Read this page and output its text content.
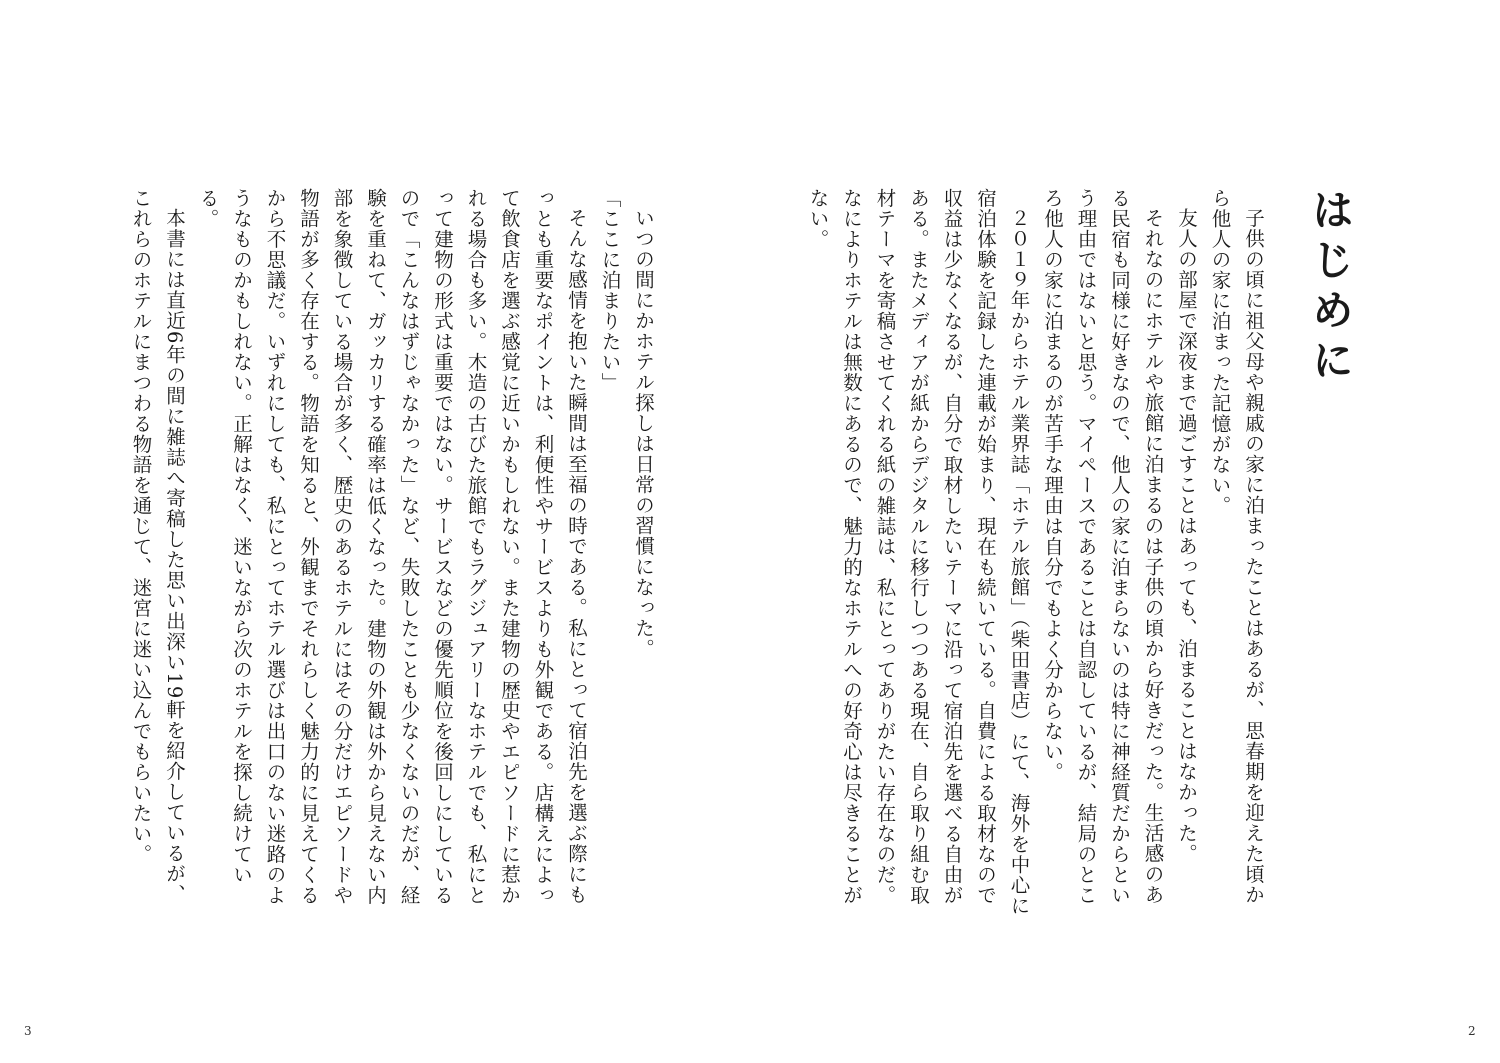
はじめに

子供の頃に祖父母や親戚の家に泊まったことはあるが、思春期を迎えた頃から他人の家に泊まった記憶がない。

友人の部屋で深夜まで過ごすことはあっても、泊まることはなかった。

それなのにホテルや旅館に泊まるのは子供の頃から好きだった。生活感のある民宿も同様に好きなので、他人の家に泊まらないのは特に神経質だからという理由ではないと思う。マイペースであることは自認しているが、結局のところ他人の家に泊まるのが苦手な理由は自分でもよく分からない。

２０１９年からホテル業界誌「ホテル旅館」（柴田書店）にて、海外を中心に宿泊体験を記録した連載が始まり、現在も続いている。自費による取材なので収益は少なくなるが、自分で取材したいテーマに沿って宿泊先を選べる自由がある。またメディアが紙からデジタルに移行しつつある現在、自ら取り組む取材テーマを寄稿させてくれる紙の雑誌は、私にとってありがたい存在なのだ。なによりホテルは無数にあるので、魅力的なホテルへの好奇心は尽きることがない。

いつの間にかホテル探しは日常の習慣になった。

「ここに泊まりたい」

そんな感情を抱いた瞬間は至福の時である。私にとって宿泊先を選ぶ際にもっとも重要なポイントは、利便性やサービスよりも外観である。店構えによって飲食店を選ぶ感覚に近いかもしれない。また建物の歴史やエピソードに惹かれる場合も多い。木造の古びた旅館でもラグジュアリーなホテルでも、私にとって建物の形式は重要ではない。サービスなどの優先順位を後回しにしているので「こんなはずじゃなかった」など、失敗したことも少なくないのだが、経験を重ねて、ガッカリする確率は低くなった。建物の外観は外から見えない内部を象徴している場合が多く、歴史のあるホテルにはその分だけエピソードや物語が多く存在する。物語を知ると、外観までそれらしく魅力的に見えてくるから不思議だ。いずれにしても、私にとってホテル選びは出口のない迷路のようなものかもしれない。正解はなく、迷いながら次のホテルを探し続けている。

本書には直近6年の間に雑誌へ寄稿した思い出深い19軒を紹介しているが、これらのホテルにまつわる物語を通じて、迷宮に迷い込んでもらいたい。

3	2
